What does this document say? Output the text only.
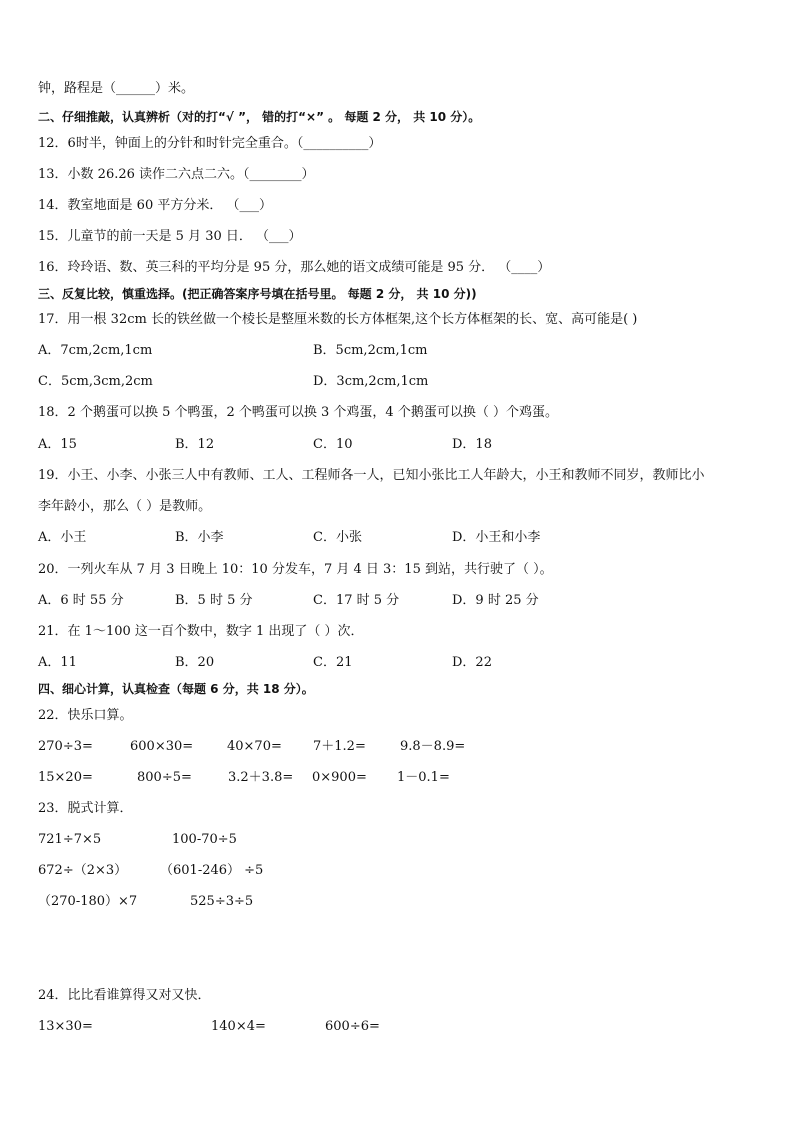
钟，路程是（______）米。
二、仔细推敲，认真辨析（对的打“√ ”， 错的打“×” 。 每题 2 分， 共 10 分）。
12．6时半，钟面上的分针和时针完全重合。（__________）
13．小数 26.26 读作二六点二六。（________）
14．教室地面是 60 平方分米． （___）
15．儿童节的前一天是 5 月 30 日． （___）
16．玲玲语、数、英三科的平均分是 95 分，那么她的语文成绩可能是 95 分． （____）
三、反复比较，慎重选择。(把正确答案序号填在括号里。 每题 2 分， 共 10 分))
17．用一根 32cm 长的铁丝做一个棱长是整厘米数的长方体框架,这个长方体框架的长、宽、高可能是( )
A．7cm,2cm,1cm	B．5cm,2cm,1cm
C．5cm,3cm,2cm	D．3cm,2cm,1cm
18．2 个鹅蛋可以换 5 个鸭蛋，2 个鸭蛋可以换 3 个鸡蛋，4 个鹅蛋可以换（ ）个鸡蛋。
A．15	B．12	C．10	D．18
19．小王、小李、小张三人中有教师、工人、工程师各一人，已知小张比工人年龄大，小王和教师不同岁，教师比小
李年龄小，那么（ ）是教师。
A．小王	B．小李	C．小张	D．小王和小李
20．一列火车从 7 月 3 日晚上 10：10 分发车，7 月 4 日 3：15 到站，共行驶了（ ）。
A．6 时 55 分	B．5 时 5 分	C．17 时 5 分	D．9 时 25 分
21．在 1～100 这一百个数中，数字 1 出现了（ ）次．
A．11	B．20	C．21	D．22
四、细心计算，认真检查（每题 6 分，共 18 分）。
22．快乐口算。
270÷3=	600×30=	40×70= 7＋1.2=	9.8－8.9=
15×20=	800÷5=	3.2＋3.8= 0×900= 1－0.1=
23．脱式计算．
721÷7×5	100-70÷5
672÷（2×3）	（601-246） ÷5
（270-180）×7	525÷3÷5
24．比比看谁算得又对又快．
13×30=	140×4=	600÷6=
